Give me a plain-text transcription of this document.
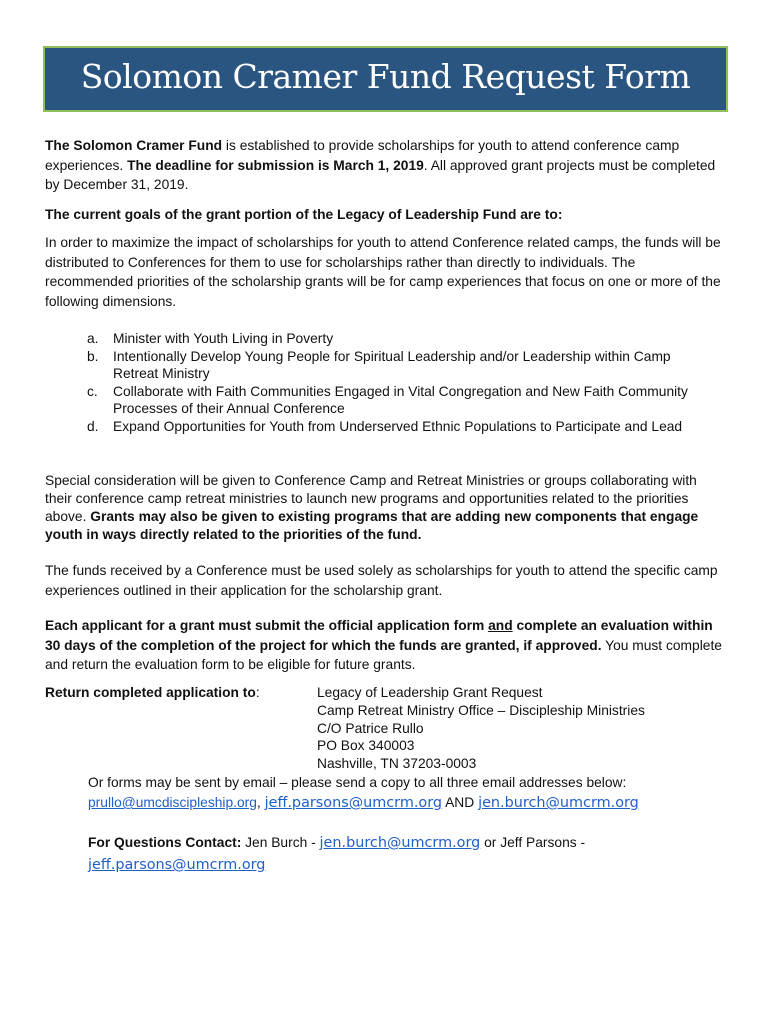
Solomon Cramer Fund Request Form
The Solomon Cramer Fund is established to provide scholarships for youth to attend conference camp experiences. The deadline for submission is March 1, 2019. All approved grant projects must be completed by December 31, 2019.
The current goals of the grant portion of the Legacy of Leadership Fund are to:
In order to maximize the impact of scholarships for youth to attend Conference related camps, the funds will be distributed to Conferences for them to use for scholarships rather than directly to individuals. The recommended priorities of the scholarship grants will be for camp experiences that focus on one or more of the following dimensions.
a. Minister with Youth Living in Poverty
b. Intentionally Develop Young People for Spiritual Leadership and/or Leadership within Camp Retreat Ministry
c. Collaborate with Faith Communities Engaged in Vital Congregation and New Faith Community Processes of their Annual Conference
d. Expand Opportunities for Youth from Underserved Ethnic Populations to Participate and Lead
Special consideration will be given to Conference Camp and Retreat Ministries or groups collaborating with their conference camp retreat ministries to launch new programs and opportunities related to the priorities above. Grants may also be given to existing programs that are adding new components that engage youth in ways directly related to the priorities of the fund.
The funds received by a Conference must be used solely as scholarships for youth to attend the specific camp experiences outlined in their application for the scholarship grant.
Each applicant for a grant must submit the official application form and complete an evaluation within 30 days of the completion of the project for which the funds are granted, if approved. You must complete and return the evaluation form to be eligible for future grants.
Return completed application to:	Legacy of Leadership Grant Request
Camp Retreat Ministry Office – Discipleship Ministries
C/O Patrice Rullo
PO Box 340003
Nashville, TN 37203-0003
Or forms may be sent by email – please send a copy to all three email addresses below:
prullo@umcdiscipleship.org, jeff.parsons@umcrm.org AND jen.burch@umcrm.org
For Questions Contact: Jen Burch - jen.burch@umcrm.org or Jeff Parsons -
jeff.parsons@umcrm.org
